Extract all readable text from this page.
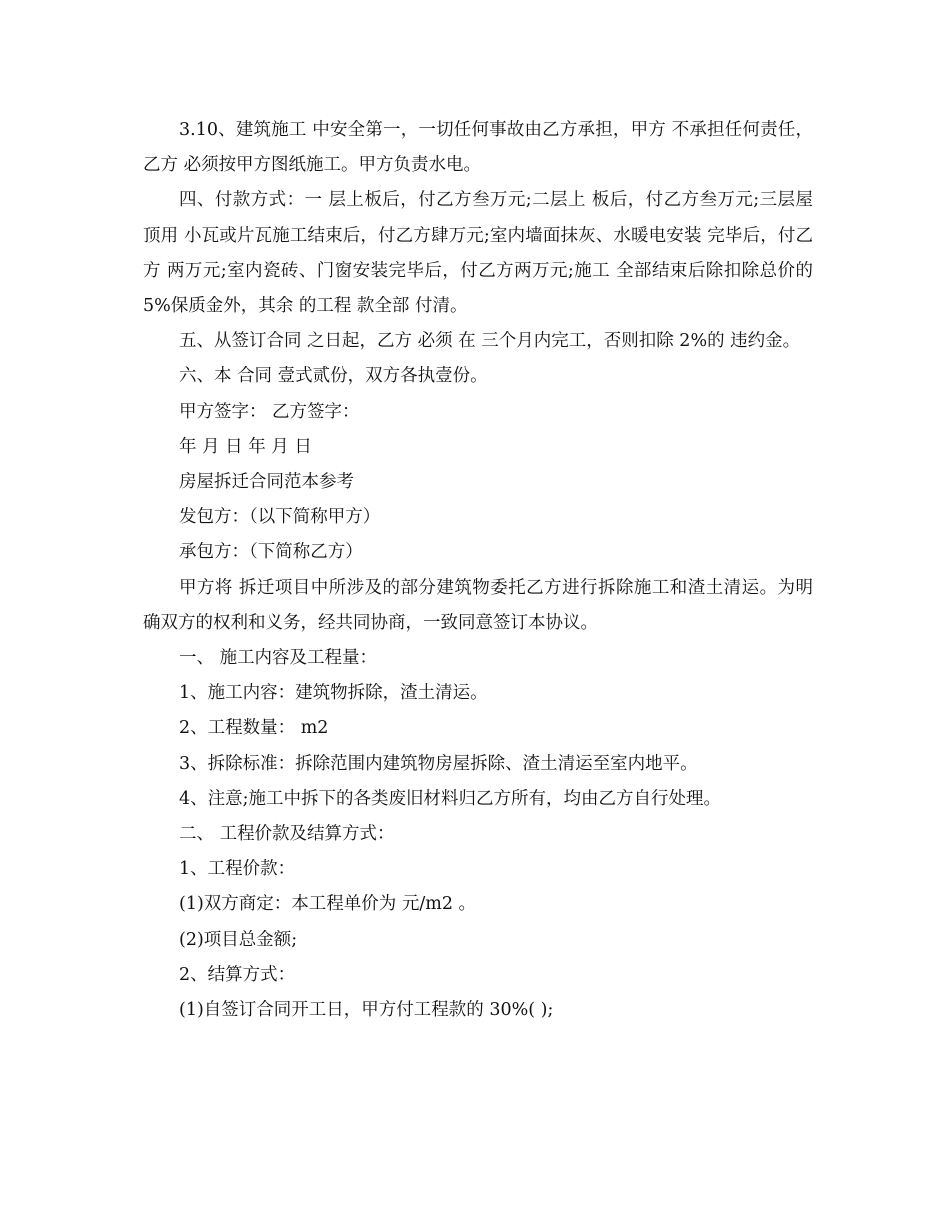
3.10、建筑施工 中安全第一，一切任何事故由乙方承担，甲方 不承担任何责任，乙方 必须按甲方图纸施工。甲方负责水电。

四、付款方式：一 层上板后，付乙方叁万元;二层上 板后，付乙方叁万元;三层屋顶用 小瓦或片瓦施工结束后，付乙方肆万元;室内墙面抹灰、水暖电安装 完毕后，付乙方 两万元;室内瓷砖、门窗安装完毕后，付乙方两万元;施工 全部结束后除扣除总价的 5%保质金外，其余 的工程 款全部 付清。

五、从签订合同 之日起，乙方 必须 在 三个月内完工，否则扣除 2%的 违约金。

六、本 合同 壹式贰份，双方各执壹份。

甲方签字： 乙方签字：

年 月 日 年 月 日

房屋拆迁合同范本参考

发包方：（以下简称甲方）

承包方：（下简称乙方）

甲方将 拆迁项目中所涉及的部分建筑物委托乙方进行拆除施工和渣土清运。为明确双方的权利和义务，经共同协商，一致同意签订本协议。

一、 施工内容及工程量：

1、施工内容：建筑物拆除，渣土清运。

2、工程数量： m2

3、拆除标准：拆除范围内建筑物房屋拆除、渣土清运至室内地平。

4、注意;施工中拆下的各类废旧材料归乙方所有，均由乙方自行处理。

二、 工程价款及结算方式：

1、工程价款：

(1)双方商定：本工程单价为 元/m2 。

(2)项目总金额;

2、结算方式：

(1)自签订合同开工日，甲方付工程款的 30%( );
